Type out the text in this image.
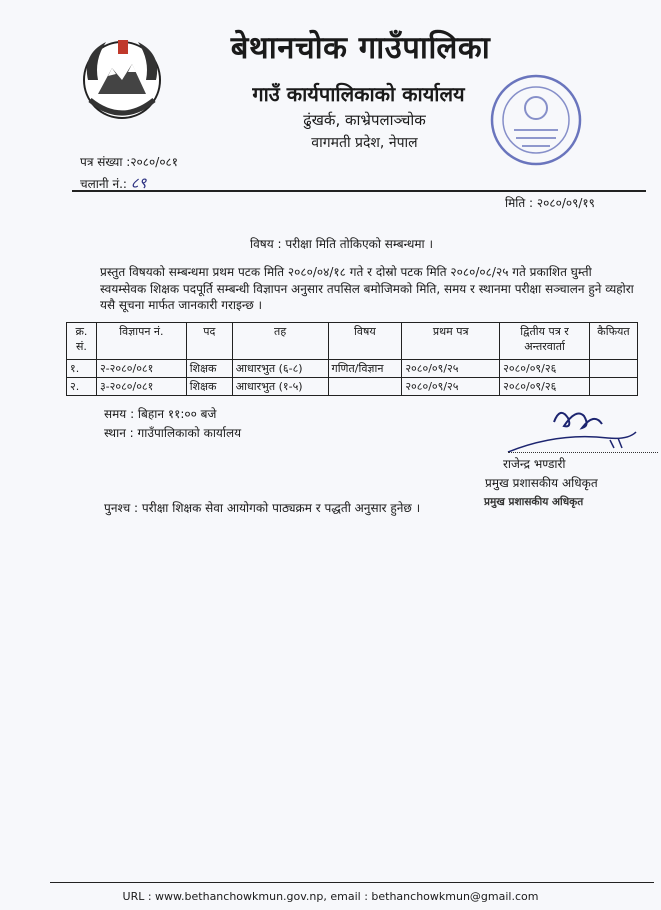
बेथानचोक गाउँपालिका
गाउँ कार्यपालिकाको कार्यालय
ढुंखर्क, काभ्रेपलाञ्चोक
वागमती प्रदेश, नेपाल
पत्र संख्या :२०८०/०८१
चलानी नं.: ८९
मिति : २०८०/०९/१९
विषय : परीक्षा मिति तोकिएको सम्बन्धमा ।
प्रस्तुत विषयको सम्बन्धमा प्रथम पटक मिति २०८०/०४/१८ गते र दोस्रो पटक मिति २०८०/०८/२५ गते प्रकाशित घुम्ती स्वयम्सेवक शिक्षक पदपूर्ति सम्बन्धी विज्ञापन अनुसार तपसिल बमोजिमको मिति, समय र स्थानमा परीक्षा सञ्चालन हुने व्यहोरा यसै सूचना मार्फत जानकारी गराइन्छ ।
क्र. सं.	विज्ञापन नं.	पद	तह	विषय	प्रथम पत्र	द्वितीय पत्र र अन्तरवार्ता	कैफियत
१.	२-२०८०/०८१	शिक्षक	आधारभुत (६-८)	गणित/विज्ञान	२०८०/०९/२५	२०८०/०९/२६	
२.	३-२०८०/०८१	शिक्षक	आधारभुत (१-५)		२०८०/०९/२५	२०८०/०९/२६	
समय : बिहान ११:०० बजे
स्थान : गाउँपालिकाको कार्यालय
राजेन्द्र भण्डारी
प्रमुख प्रशासकीय अधिकृत
प्रमुख प्रशासकीय अधिकृत
पुनश्च : परीक्षा शिक्षक सेवा आयोगको पाठ्यक्रम र पद्धती अनुसार हुनेछ ।
URL : www.bethanchowkmun.gov.np, email : bethanchowkmun@gmail.com
